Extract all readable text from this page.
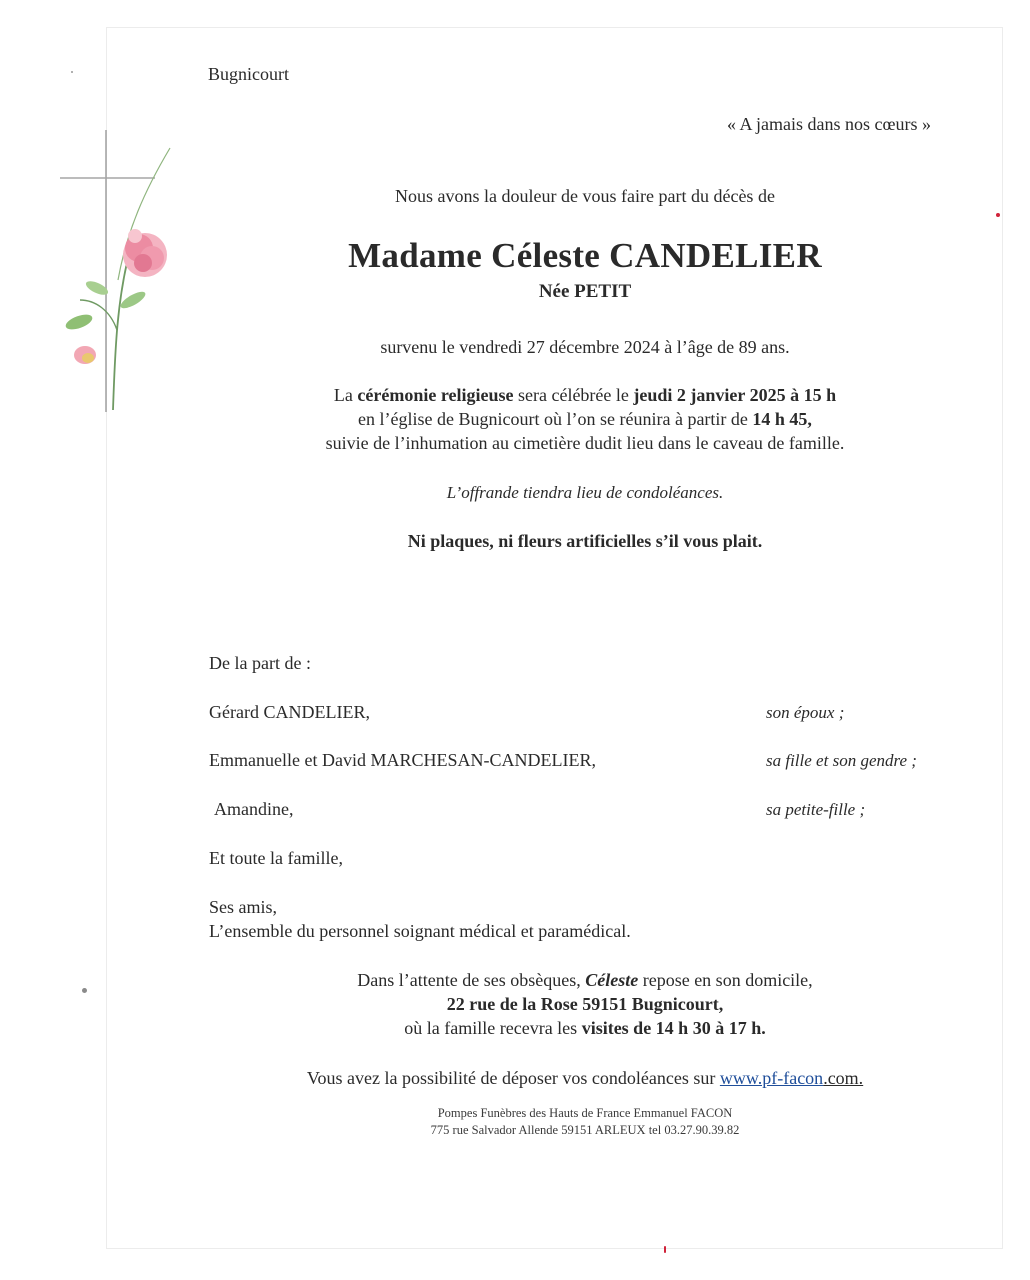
Bugnicourt
« A jamais dans nos cœurs »
Nous avons la douleur de vous faire part du décès de
Madame Céleste CANDELIER
Née PETIT
survenu le vendredi 27 décembre 2024 à l’âge de 89 ans.
La cérémonie religieuse sera célébrée le jeudi 2 janvier 2025 à 15 h
en l’église de Bugnicourt où l’on se réunira à partir de 14 h 45,
suivie de l’inhumation au cimetière dudit lieu dans le caveau de famille.
L’offrande tiendra lieu de condoléances.
Ni plaques, ni fleurs artificielles s’il vous plait.
De la part de :
Gérard CANDELIER,	son époux ;
Emmanuelle et David MARCHESAN-CANDELIER,	sa fille et son gendre ;
Amandine,	sa petite-fille ;
Et toute la famille,
Ses amis,
L’ensemble du personnel soignant médical et paramédical.
Dans l’attente de ses obsèques, Céleste repose en son domicile,
22 rue de la Rose 59151 Bugnicourt,
où la famille recevra les visites de 14 h 30 à 17 h.
Vous avez la possibilité de déposer vos condoléances sur www.pf-facon.com.
Pompes Funèbres des Hauts de France Emmanuel FACON
775 rue Salvador Allende 59151 ARLEUX tel 03.27.90.39.82
